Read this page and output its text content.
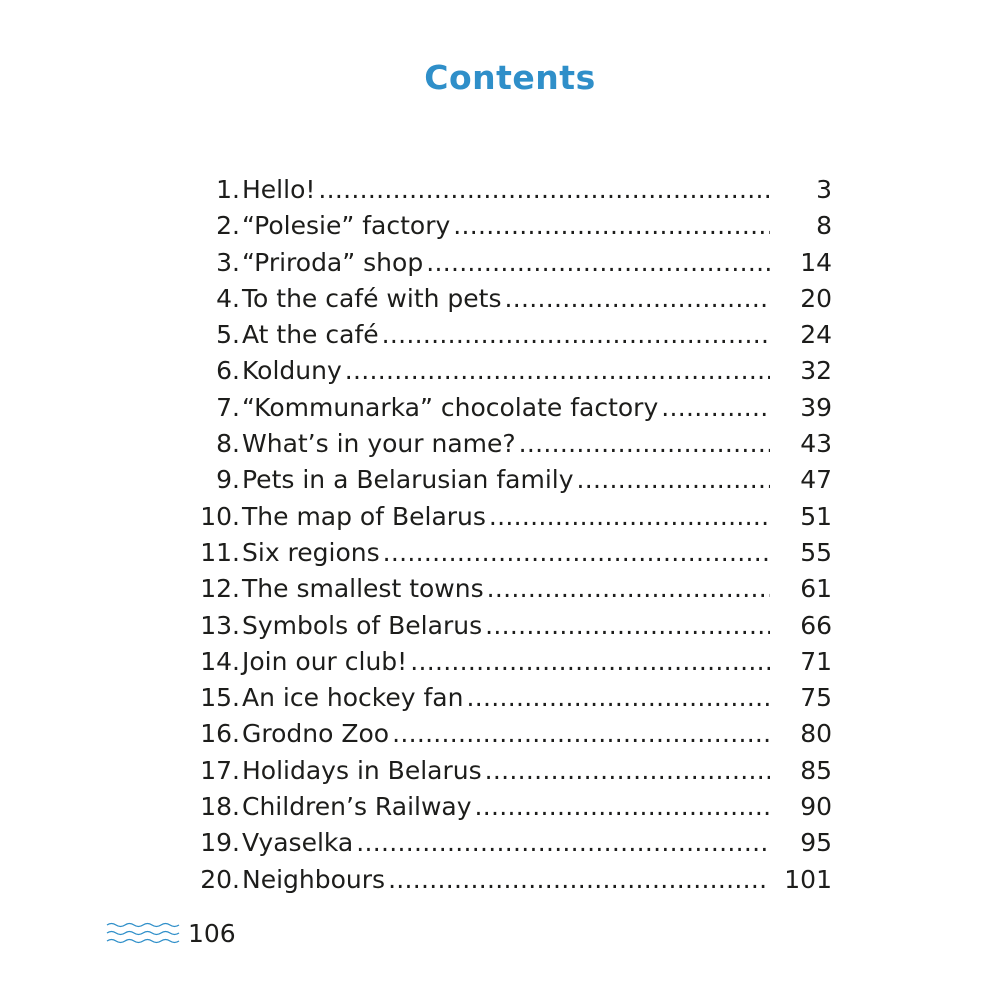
Contents
1. Hello! .....	3
2. “Polesie” factory .....	8
3. “Priroda” shop .....	14
4. To the café with pets .....	20
5. At the café .....	24
6. Kolduny .....	32
7. “Kommunarka” chocolate factory .....	39
8. What’s in your name? .....	43
9. Pets in a Belarusian family .....	47
10. The map of Belarus .....	51
11. Six regions .....	55
12. The smallest towns .....	61
13. Symbols of Belarus .....	66
14. Join our club! .....	71
15. An ice hockey fan .....	75
16. Grodno Zoo .....	80
17. Holidays in Belarus .....	85
18. Children’s Railway .....	90
19. Vyaselka .....	95
20. Neighbours .....	101
106
